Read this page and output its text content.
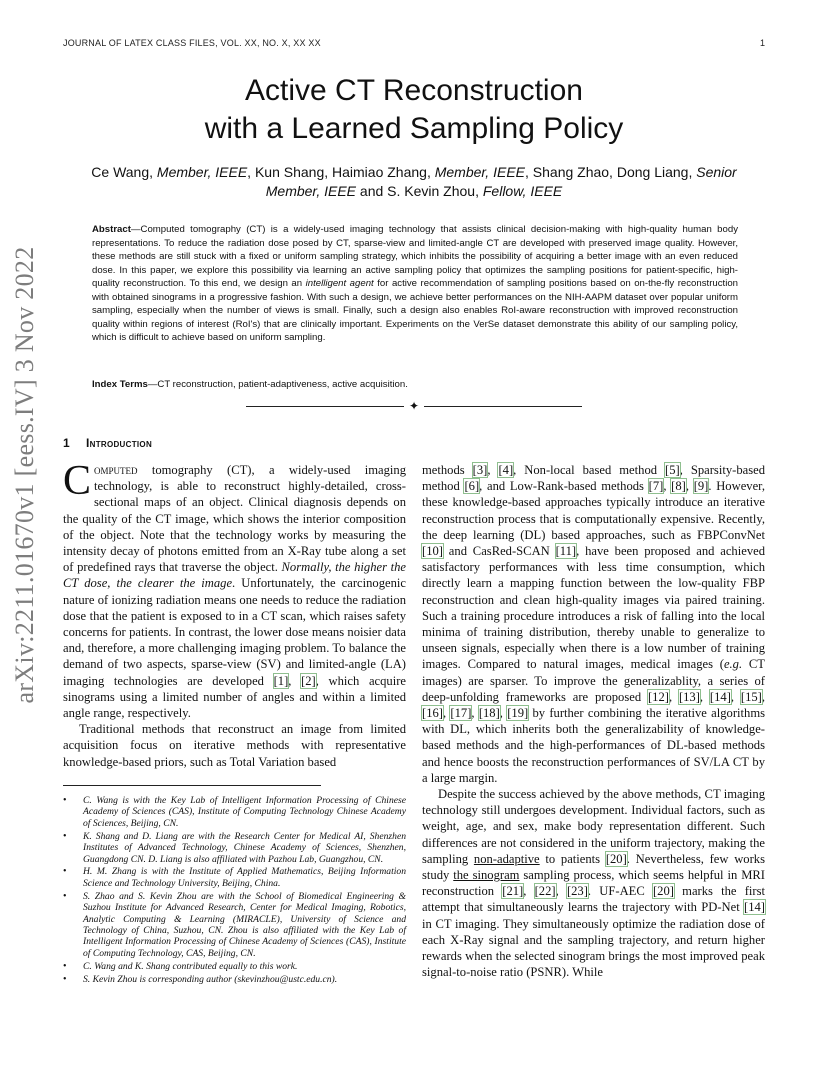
JOURNAL OF LATEX CLASS FILES, VOL. XX, NO. X, XX XX	1
arXiv:2211.01670v1 [eess.IV] 3 Nov 2022
Active CT Reconstruction
with a Learned Sampling Policy
Ce Wang, Member, IEEE, Kun Shang, Haimiao Zhang, Member, IEEE, Shang Zhao, Dong Liang, Senior
Member, IEEE and S. Kevin Zhou, Fellow, IEEE
Abstract—Computed tomography (CT) is a widely-used imaging technology that assists clinical decision-making with high-quality human body representations. To reduce the radiation dose posed by CT, sparse-view and limited-angle CT are developed with preserved image quality. However, these methods are still stuck with a fixed or uniform sampling strategy, which inhibits the possibility of acquiring a better image with an even reduced dose. In this paper, we explore this possibility via learning an active sampling policy that optimizes the sampling positions for patient-specific, high-quality reconstruction. To this end, we design an intelligent agent for active recommendation of sampling positions based on on-the-fly reconstruction with obtained sinograms in a progressive fashion. With such a design, we achieve better performances on the NIH-AAPM dataset over popular uniform sampling, especially when the number of views is small. Finally, such a design also enables RoI-aware reconstruction with improved reconstruction quality within regions of interest (RoI's) that are clinically important. Experiments on the VerSe dataset demonstrate this ability of our sampling policy, which is difficult to achieve based on uniform sampling.
Index Terms—CT reconstruction, patient-adaptiveness, active acquisition.
✦
1 Introduction

Computed tomography (CT), a widely-used imaging technology, is able to reconstruct highly-detailed, cross-sectional maps of an object. Clinical diagnosis depends on the quality of the CT image, which shows the interior composition of the object. Note that the technology works by measuring the intensity decay of photons emitted from an X-Ray tube along a set of predefined rays that traverse the object. Normally, the higher the CT dose, the clearer the image. Unfortunately, the carcinogenic nature of ionizing radiation means one needs to reduce the radiation dose that the patient is exposed to in a CT scan, which raises safety concerns for patients. In contrast, the lower dose means noisier data and, therefore, a more challenging imaging problem. To balance the demand of two aspects, sparse-view (SV) and limited-angle (LA) imaging technologies are developed [1], [2], which acquire sinograms using a limited number of angles and within a limited angle range, respectively.

Traditional methods that reconstruct an image from limited acquisition focus on iterative methods with representative knowledge-based priors, such as Total Variation based

• C. Wang is with the Key Lab of Intelligent Information Processing of Chinese Academy of Sciences (CAS), Institute of Computing Technology Chinese Academy of Sciences, Beijing, CN.
• K. Shang and D. Liang are with the Research Center for Medical AI, Shenzhen Institutes of Advanced Technology, Chinese Academy of Sciences, Shenzhen, Guangdong CN. D. Liang is also affiliated with Pazhou Lab, Guangzhou, CN.
• H. M. Zhang is with the Institute of Applied Mathematics, Beijing Information Science and Technology University, Beijing, China.
• S. Zhao and S. Kevin Zhou are with the School of Biomedical Engineering & Suzhou Institute for Advanced Research, Center for Medical Imaging, Robotics, Analytic Computing & Learning (MIRACLE), University of Science and Technology of China, Suzhou, CN. Zhou is also affiliated with the Key Lab of Intelligent Information Processing of Chinese Academy of Sciences (CAS), Institute of Computing Technology, CAS, Beijing, CN.
• C. Wang and K. Shang contributed equally to this work.
• S. Kevin Zhou is corresponding author (skevinzhou@ustc.edu.cn).

methods [3], [4], Non-local based method [5], Sparsity-based method [6], and Low-Rank-based methods [7], [8], [9]. However, these knowledge-based approaches typically introduce an iterative reconstruction process that is computationally expensive. Recently, the deep learning (DL) based approaches, such as FBPConvNet [10] and CasRed-SCAN [11], have been proposed and achieved satisfactory performances with less time consumption, which directly learn a mapping function between the low-quality FBP reconstruction and clean high-quality images via paired training. Such a training procedure introduces a risk of falling into the local minima of training distribution, thereby unable to generalize to unseen signals, especially when there is a low number of training images. Compared to natural images, medical images (e.g. CT images) are sparser. To improve the generalizablity, a series of deep-unfolding frameworks are proposed [12], [13], [14], [15], [16], [17], [18], [19] by further combining the iterative algorithms with DL, which inherits both the generalizability of knowledge-based methods and the high-performances of DL-based methods and hence boosts the reconstruction performances of SV/LA CT by a large margin.

Despite the success achieved by the above methods, CT imaging technology still undergoes development. Individual factors, such as weight, age, and sex, make body representation different. Such differences are not considered in the uniform trajectory, making the sampling non-adaptive to patients [20]. Nevertheless, few works study the sinogram sampling process, which seems helpful in MRI reconstruction [21], [22], [23]. UF-AEC [20] marks the first attempt that simultaneously learns the trajectory with PD-Net [14] in CT imaging. They simultaneously optimize the radiation dose of each X-Ray signal and the sampling trajectory, and return higher rewards when the selected sinogram brings the most improved peak signal-to-noise ratio (PSNR). While
